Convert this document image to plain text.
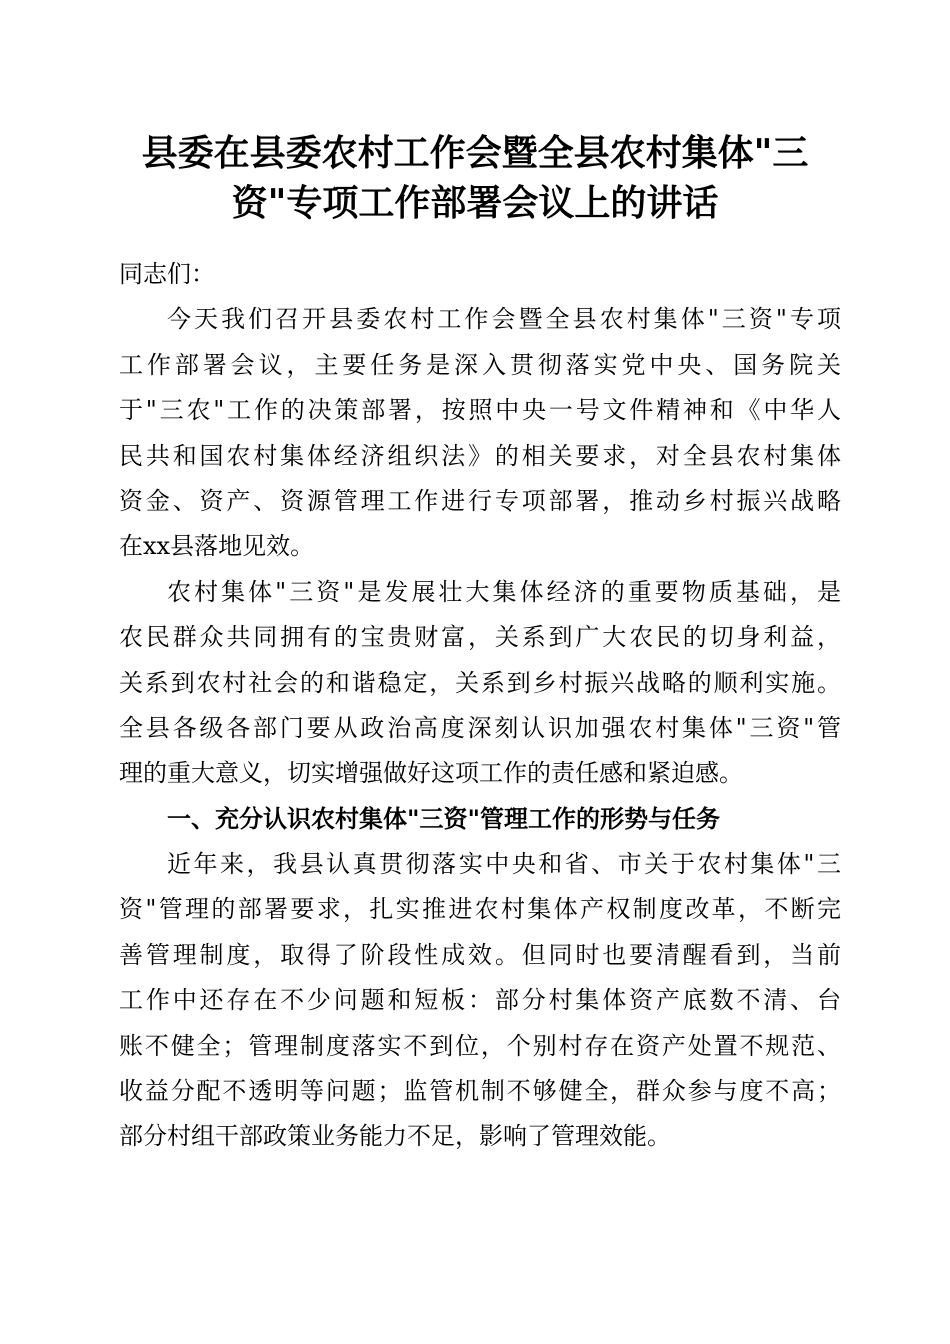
县委在县委农村工作会暨全县农村集体"三
资"专项工作部署会议上的讲话
同志们：
今天我们召开县委农村工作会暨全县农村集体"三资"专项
工作部署会议，主要任务是深入贯彻落实党中央、国务院关
于"三农"工作的决策部署，按照中央一号文件精神和《中华人
民共和国农村集体经济组织法》的相关要求，对全县农村集体
资金、资产、资源管理工作进行专项部署，推动乡村振兴战略
在xx县落地见效。
农村集体"三资"是发展壮大集体经济的重要物质基础，是
农民群众共同拥有的宝贵财富，关系到广大农民的切身利益，
关系到农村社会的和谐稳定，关系到乡村振兴战略的顺利实施。
全县各级各部门要从政治高度深刻认识加强农村集体"三资"管
理的重大意义，切实增强做好这项工作的责任感和紧迫感。
一、充分认识农村集体"三资"管理工作的形势与任务
近年来，我县认真贯彻落实中央和省、市关于农村集体"三
资"管理的部署要求，扎实推进农村集体产权制度改革，不断完
善管理制度，取得了阶段性成效。但同时也要清醒看到，当前
工作中还存在不少问题和短板：部分村集体资产底数不清、台
账不健全；管理制度落实不到位，个别村存在资产处置不规范、
收益分配不透明等问题；监管机制不够健全，群众参与度不高；
部分村组干部政策业务能力不足，影响了管理效能。
